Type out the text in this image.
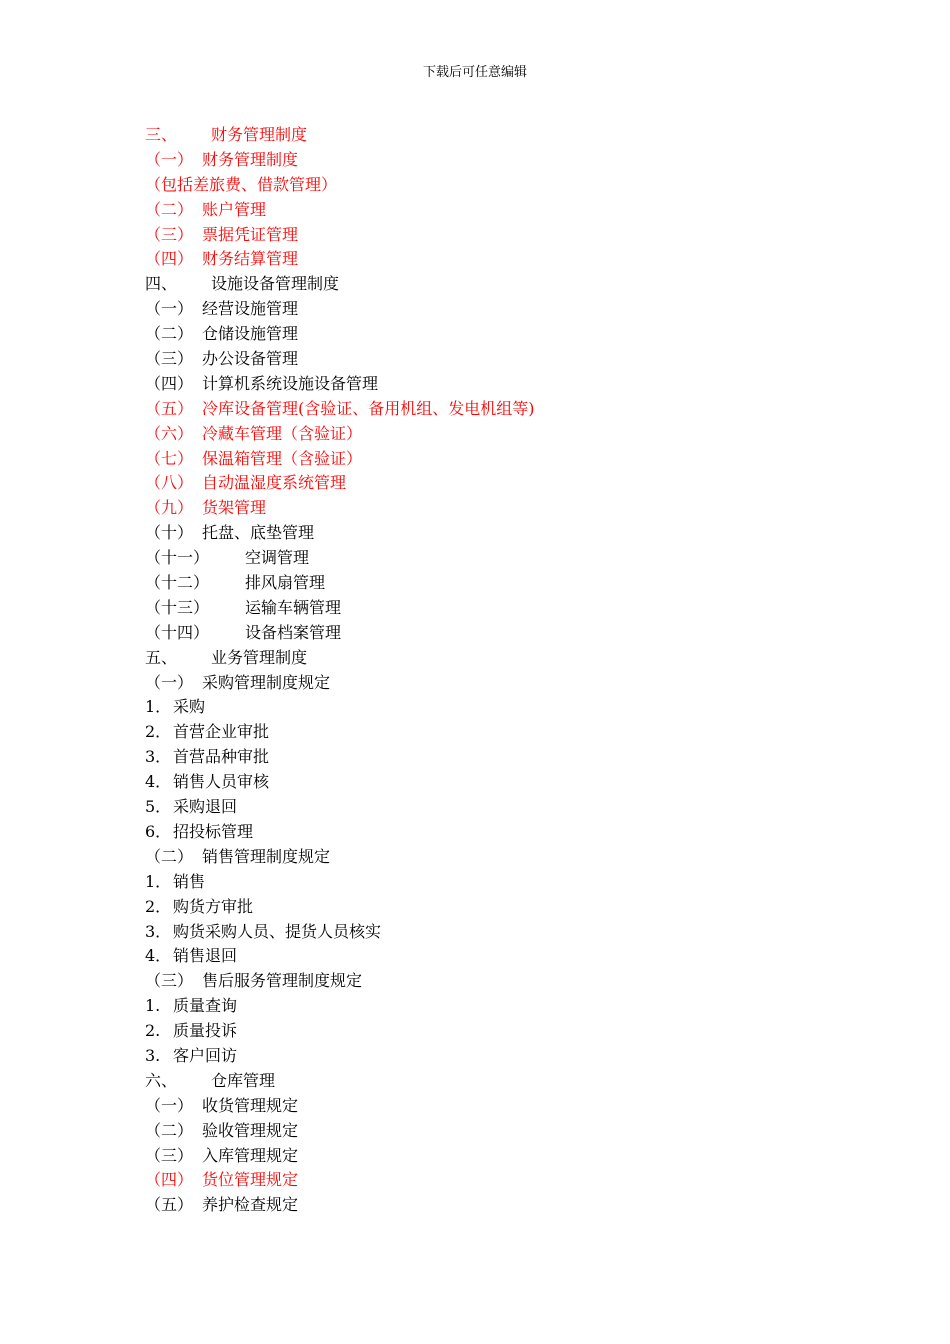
下载后可任意编辑
三、 财务管理制度
（一） 财务管理制度
（包括差旅费、借款管理）
（二） 账户管理
（三） 票据凭证管理
（四） 财务结算管理
四、 设施设备管理制度
（一） 经营设施管理
（二） 仓储设施管理
（三） 办公设备管理
（四） 计算机系统设施设备管理
（五） 冷库设备管理(含验证、备用机组、发电机组等)
（六） 冷藏车管理（含验证）
（七） 保温箱管理（含验证）
（八） 自动温湿度系统管理
（九） 货架管理
（十） 托盘、底垫管理
（十一） 空调管理
（十二） 排风扇管理
（十三） 运输车辆管理
（十四） 设备档案管理
五、 业务管理制度
（一） 采购管理制度规定
1． 采购
2． 首营企业审批
3． 首营品种审批
4． 销售人员审核
5． 采购退回
6． 招投标管理
（二） 销售管理制度规定
1． 销售
2． 购货方审批
3． 购货采购人员、提货人员核实
4． 销售退回
（三） 售后服务管理制度规定
1. 质量查询
2. 质量投诉
3. 客户回访
六、 仓库管理
（一） 收货管理规定
（二） 验收管理规定
（三） 入库管理规定
（四） 货位管理规定
（五） 养护检查规定
